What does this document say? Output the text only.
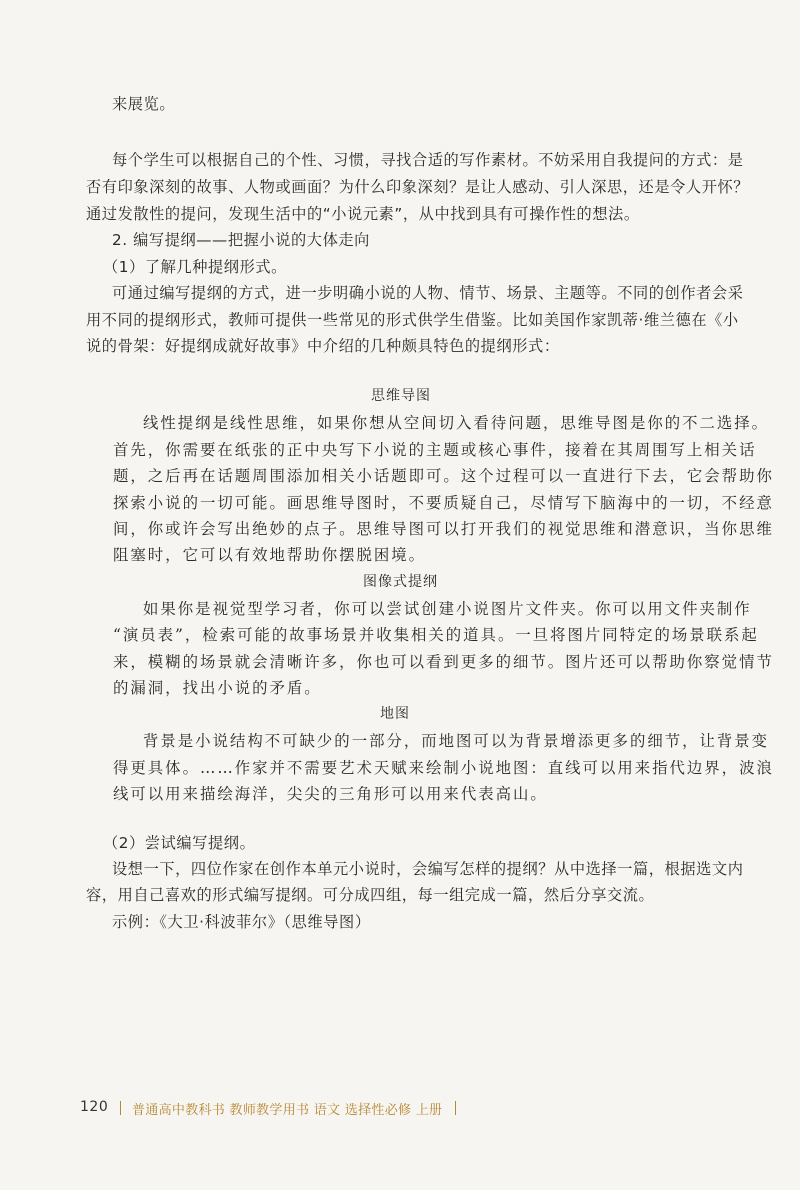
来展览。
每个学生可以根据自己的个性、习惯，寻找合适的写作素材。不妨采用自我提问的方式：是
否有印象深刻的故事、人物或画面？为什么印象深刻？是让人感动、引人深思，还是令人开怀？
通过发散性的提问，发现生活中的“小说元素”，从中找到具有可操作性的想法。
2. 编写提纲——把握小说的大体走向
（1）了解几种提纲形式。
可通过编写提纲的方式，进一步明确小说的人物、情节、场景、主题等。不同的创作者会采
用不同的提纲形式，教师可提供一些常见的形式供学生借鉴。比如美国作家凯蒂·维兰德在《小
说的骨架：好提纲成就好故事》中介绍的几种颇具特色的提纲形式：
思维导图
线性提纲是线性思维，如果你想从空间切入看待问题，思维导图是你的不二选择。
首先，你需要在纸张的正中央写下小说的主题或核心事件，接着在其周围写上相关话
题，之后再在话题周围添加相关小话题即可。这个过程可以一直进行下去，它会帮助你
探索小说的一切可能。画思维导图时，不要质疑自己，尽情写下脑海中的一切，不经意
间，你或许会写出绝妙的点子。思维导图可以打开我们的视觉思维和潜意识，当你思维
阻塞时，它可以有效地帮助你摆脱困境。
图像式提纲
如果你是视觉型学习者，你可以尝试创建小说图片文件夹。你可以用文件夹制作
“演员表”，检索可能的故事场景并收集相关的道具。一旦将图片同特定的场景联系起
来，模糊的场景就会清晰许多，你也可以看到更多的细节。图片还可以帮助你察觉情节
的漏洞，找出小说的矛盾。
地图
背景是小说结构不可缺少的一部分，而地图可以为背景增添更多的细节，让背景变
得更具体。……作家并不需要艺术天赋来绘制小说地图：直线可以用来指代边界，波浪
线可以用来描绘海洋，尖尖的三角形可以用来代表高山。
（2）尝试编写提纲。
设想一下，四位作家在创作本单元小说时，会编写怎样的提纲？从中选择一篇，根据选文内
容，用自己喜欢的形式编写提纲。可分成四组，每一组完成一篇，然后分享交流。
示例：《大卫·科波菲尔》（思维导图）
120 普通高中教科书 教师教学用书 语文 选择性必修 上册
